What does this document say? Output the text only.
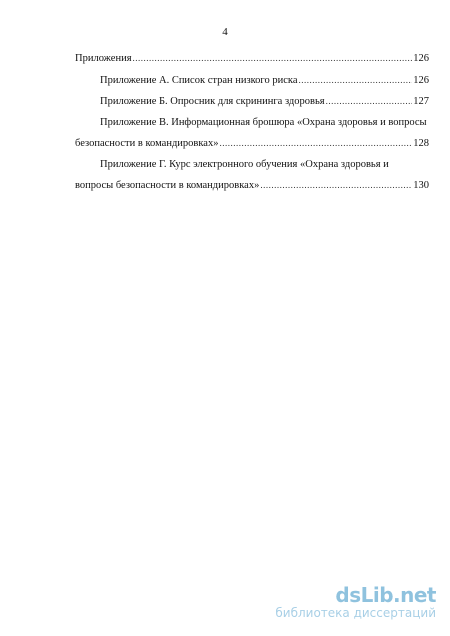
4
Приложения .....	126
Приложение А. Список стран низкого риска .....	126
Приложение Б. Опросник для скрининга здоровья .....	127
Приложение В. Информационная брошюра «Охрана здоровья и вопросы
безопасности в командировках» .....	128
Приложение Г. Курс электронного обучения «Охрана здоровья и
вопросы безопасности в командировках» .....	130
dsLib.net
библиотека диссертаций
